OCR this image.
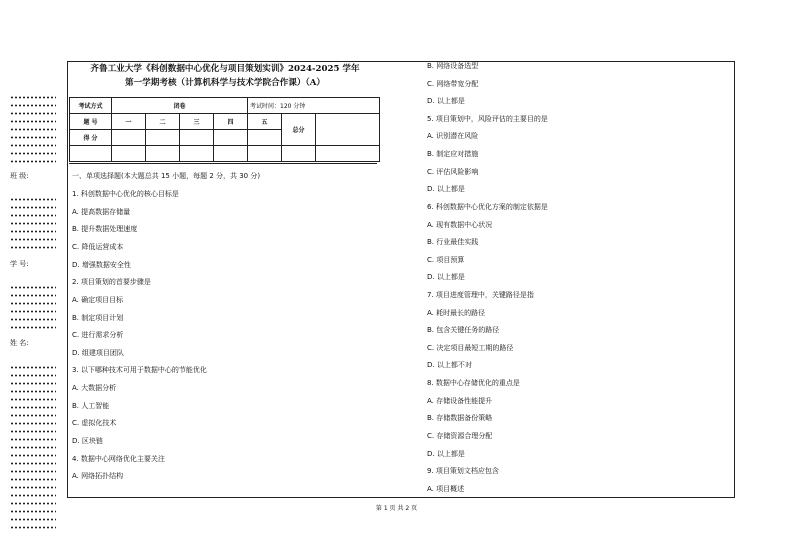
班 级:
学 号:
姓 名:
齐鲁工业大学《科创数据中心优化与项目策划实训》2024-2025 学年
第一学期考核（计算机科学与技术学院合作课）（A）
考试方式	闭卷				考试时间：120 分钟		
题 号	一	二	三	四	五	总分	
得 分							

一、单项选择题(本大题总共 15 小题，每题 2 分，共 30 分)
1. 科创数据中心优化的核心目标是
A. 提高数据存储量
B. 提升数据处理速度
C. 降低运营成本
D. 增强数据安全性
2. 项目策划的首要步骤是
A. 确定项目目标
B. 制定项目计划
C. 进行需求分析
D. 组建项目团队
3. 以下哪种技术可用于数据中心的节能优化
A. 大数据分析
B. 人工智能
C. 虚拟化技术
D. 区块链
4. 数据中心网络优化主要关注
A. 网络拓扑结构
B. 网络设备选型
C. 网络带宽分配
D. 以上都是
5. 项目策划中，风险评估的主要目的是
A. 识别潜在风险
B. 制定应对措施
C. 评估风险影响
D. 以上都是
6. 科创数据中心优化方案的制定依据是
A. 现有数据中心状况
B. 行业最佳实践
C. 项目预算
D. 以上都是
7. 项目进度管理中，关键路径是指
A. 耗时最长的路径
B. 包含关键任务的路径
C. 决定项目最短工期的路径
D. 以上都不对
8. 数据中心存储优化的重点是
A. 存储设备性能提升
B. 存储数据备份策略
C. 存储资源合理分配
D. 以上都是
9. 项目策划文档应包含
A. 项目概述
第 1 页 共 2 页
